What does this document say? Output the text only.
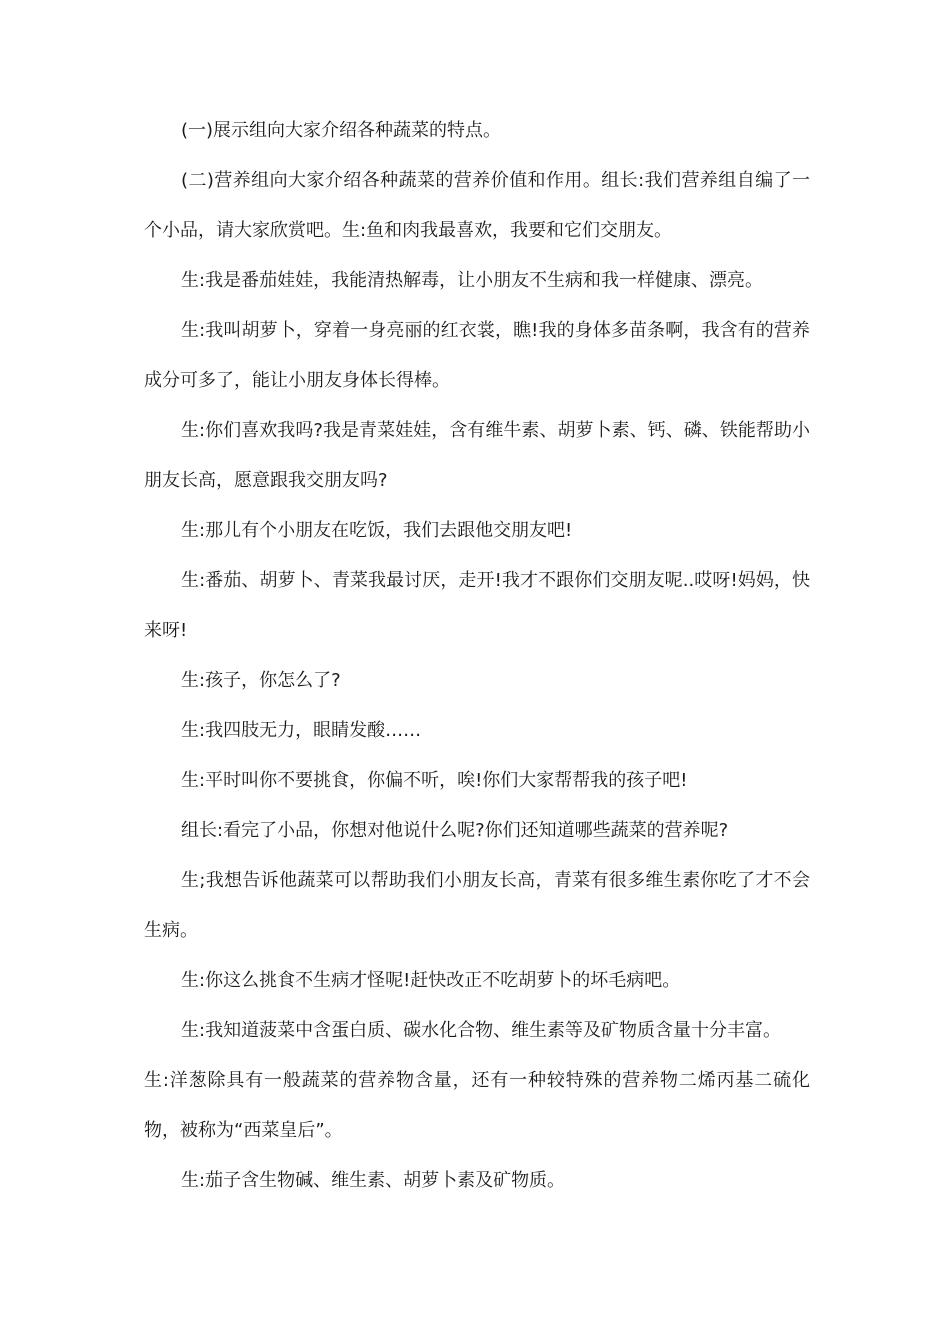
(一)展示组向大家介绍各种蔬菜的特点。

(二)营养组向大家介绍各种蔬菜的营养价值和作用。组长:我们营养组自编了一个小品，请大家欣赏吧。生:鱼和肉我最喜欢，我要和它们交朋友。

生:我是番茄娃娃，我能清热解毒，让小朋友不生病和我一样健康、漂亮。

生:我叫胡萝卜，穿着一身亮丽的红衣裳，瞧!我的身体多苗条啊，我含有的营养成分可多了，能让小朋友身体长得棒。

生:你们喜欢我吗?我是青菜娃娃，含有维牛素、胡萝卜素、钙、磷、铁能帮助小朋友长高，愿意跟我交朋友吗?

生:那儿有个小朋友在吃饭，我们去跟他交朋友吧!

生:番茄、胡萝卜、青菜我最讨厌，走开!我才不跟你们交朋友呢..哎呀!妈妈，快来呀!

生:孩子，你怎么了?

生:我四肢无力，眼睛发酸……

生:平时叫你不要挑食，你偏不听，唉!你们大家帮帮我的孩子吧!

组长:看完了小品，你想对他说什么呢?你们还知道哪些蔬菜的营养呢?

生;我想告诉他蔬菜可以帮助我们小朋友长高，青菜有很多维生素你吃了才不会生病。

生:你这么挑食不生病才怪呢!赶快改正不吃胡萝卜的坏毛病吧。

生:我知道菠菜中含蛋白质、碳水化合物、维生素等及矿物质含量十分丰富。

生:洋葱除具有一般蔬菜的营养物含量，还有一种较特殊的营养物二烯丙基二硫化物，被称为“西菜皇后”。

生:茄子含生物碱、维生素、胡萝卜素及矿物质。
